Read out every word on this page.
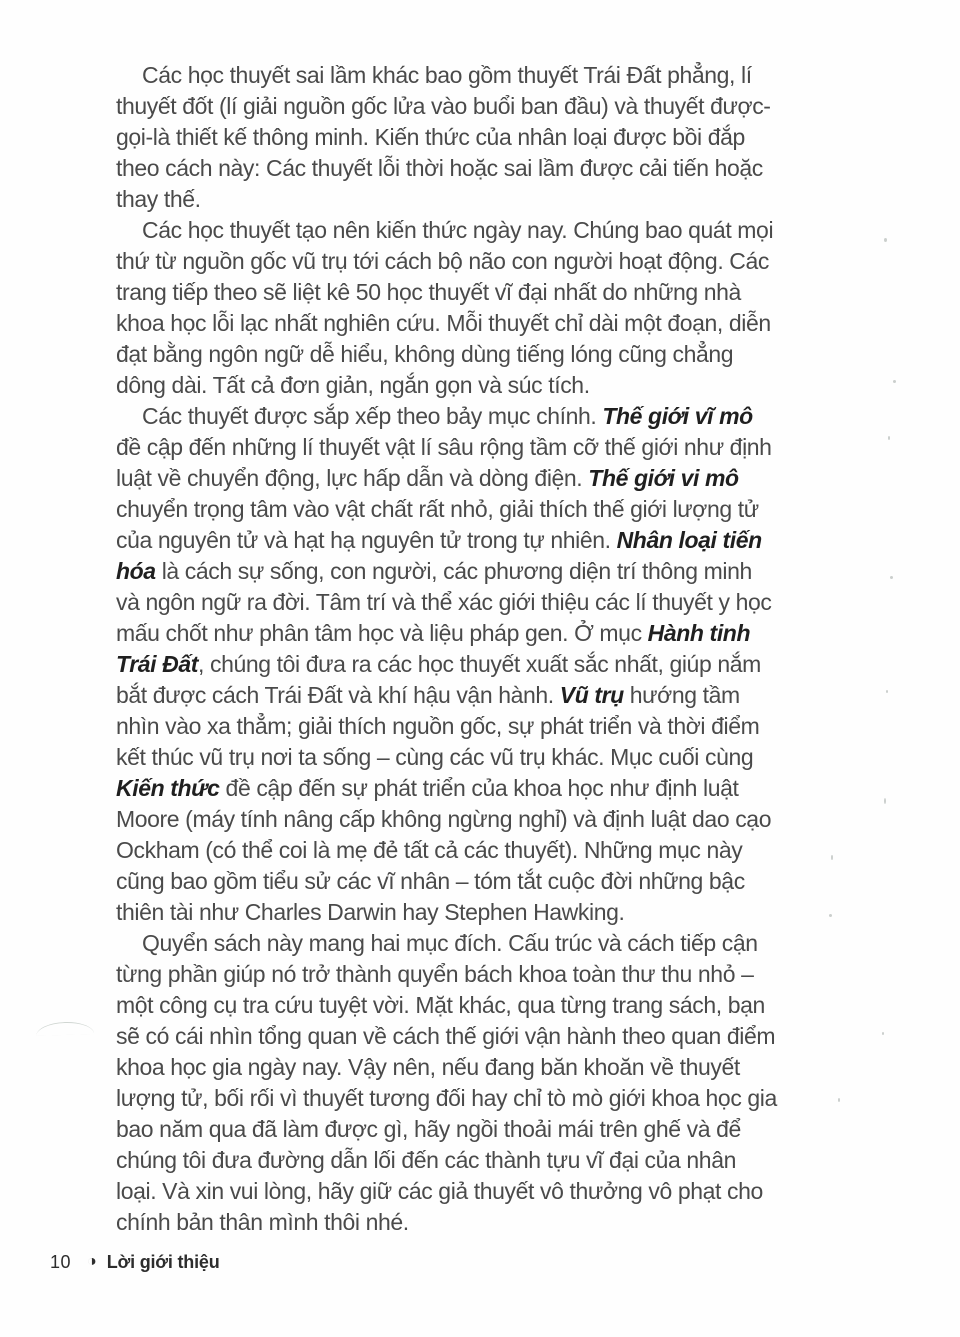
Các học thuyết sai lầm khác bao gồm thuyết Trái Đất phẳng, lí thuyết đốt (lí giải nguồn gốc lửa vào buổi ban đầu) và thuyết được-gọi-là thiết kế thông minh. Kiến thức của nhân loại được bồi đắp theo cách này: Các thuyết lỗi thời hoặc sai lầm được cải tiến hoặc thay thế.

Các học thuyết tạo nên kiến thức ngày nay. Chúng bao quát mọi thứ từ nguồn gốc vũ trụ tới cách bộ não con người hoạt động. Các trang tiếp theo sẽ liệt kê 50 học thuyết vĩ đại nhất do những nhà khoa học lỗi lạc nhất nghiên cứu. Mỗi thuyết chỉ dài một đoạn, diễn đạt bằng ngôn ngữ dễ hiểu, không dùng tiếng lóng cũng chẳng dông dài. Tất cả đơn giản, ngắn gọn và súc tích.

Các thuyết được sắp xếp theo bảy mục chính. Thế giới vĩ mô đề cập đến những lí thuyết vật lí sâu rộng tầm cỡ thế giới như định luật về chuyển động, lực hấp dẫn và dòng điện. Thế giới vi mô chuyển trọng tâm vào vật chất rất nhỏ, giải thích thế giới lượng tử của nguyên tử và hạt hạ nguyên tử trong tự nhiên. Nhân loại tiến hóa là cách sự sống, con người, các phương diện trí thông minh và ngôn ngữ ra đời. Tâm trí và thể xác giới thiệu các lí thuyết y học mấu chốt như phân tâm học và liệu pháp gen. Ở mục Hành tinh Trái Đất, chúng tôi đưa ra các học thuyết xuất sắc nhất, giúp nắm bắt được cách Trái Đất và khí hậu vận hành. Vũ trụ hướng tầm nhìn vào xa thẳm; giải thích nguồn gốc, sự phát triển và thời điểm kết thúc vũ trụ nơi ta sống – cùng các vũ trụ khác. Mục cuối cùng Kiến thức đề cập đến sự phát triển của khoa học như định luật Moore (máy tính nâng cấp không ngừng nghỉ) và định luật dao cạo Ockham (có thể coi là mẹ đẻ tất cả các thuyết). Những mục này cũng bao gồm tiểu sử các vĩ nhân – tóm tắt cuộc đời những bậc thiên tài như Charles Darwin hay Stephen Hawking.

Quyển sách này mang hai mục đích. Cấu trúc và cách tiếp cận từng phần giúp nó trở thành quyển bách khoa toàn thư thu nhỏ – một công cụ tra cứu tuyệt vời. Mặt khác, qua từng trang sách, bạn sẽ có cái nhìn tổng quan về cách thế giới vận hành theo quan điểm khoa học gia ngày nay. Vậy nên, nếu đang băn khoăn về thuyết lượng tử, bối rối vì thuyết tương đối hay chỉ tò mò giới khoa học gia bao năm qua đã làm được gì, hãy ngồi thoải mái trên ghế và để chúng tôi đưa đường dẫn lối đến các thành tựu vĩ đại của nhân loại. Và xin vui lòng, hãy giữ các giả thuyết vô thưởng vô phạt cho chính bản thân mình thôi nhé.

10 ◑ Lời giới thiệu
